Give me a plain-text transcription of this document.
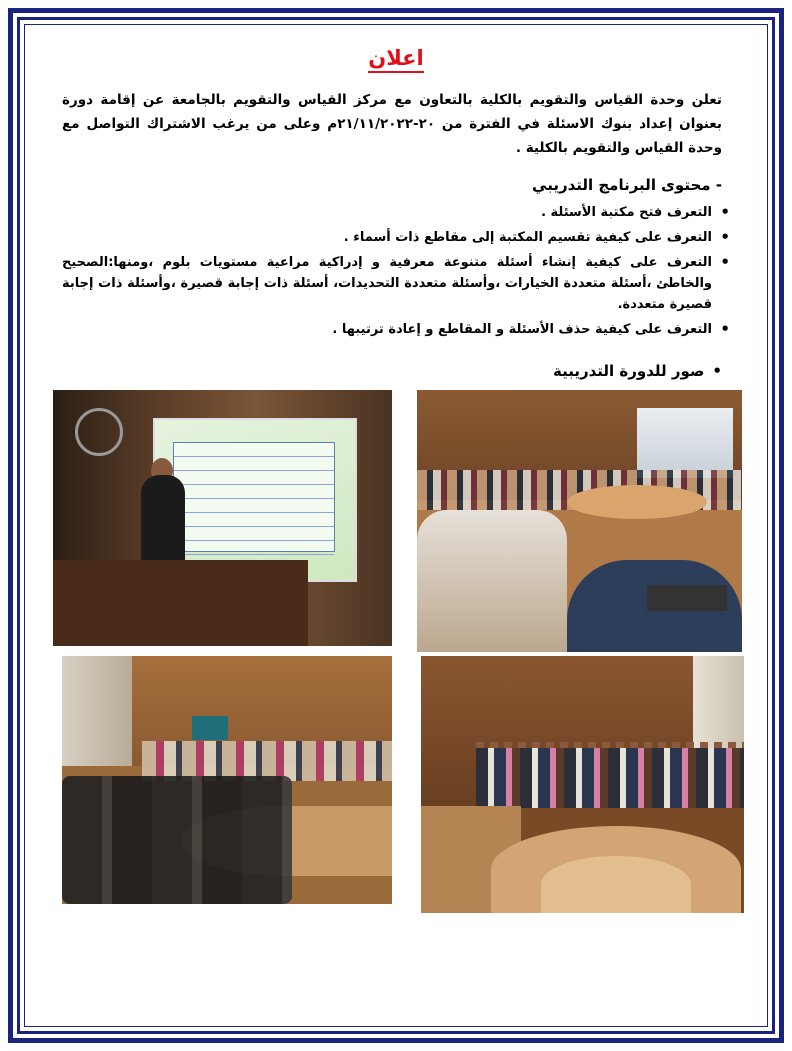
اعلان
تعلن وحدة القياس والتقويم بالكلية بالتعاون مع مركز القياس والتقويم بالجامعة عن إقامة دورة بعنوان إعداد بنوك الاسئلة في الفترة من ٢٠-٢١/١١/٢٠٢٢م وعلى من يرغب الاشتراك التواصل مع وحدة القياس والتقويم بالكلية .
- محتوى البرنامج التدريبي
• التعرف فتح مكتبة الأسئلة .
• التعرف على كيفية تقسيم المكتبة إلى مقاطع ذات أسماء .
• التعرف على كيفية إنشاء أسئلة متنوعة معرفية و إدراكية مراعية مستويات بلوم ،ومنها:الصحيح والخاطئ ،أسئلة متعددة الخيارات ،وأسئلة متعددة التحديدات، أسئلة ذات إجابة قصيرة ،وأسئلة ذات إجابة قصيرة متعددة.
• التعرف على كيفية حذف الأسئلة و المقاطع و إعادة ترتيبها .
• صور للدورة التدريبية
